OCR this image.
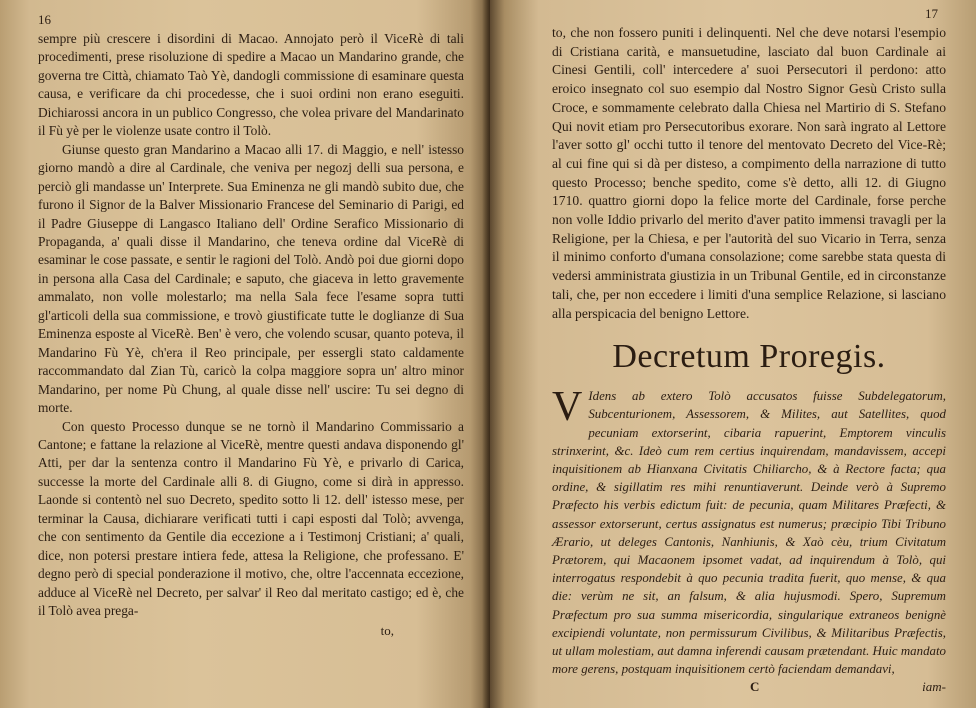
16

sempre più crescere i disordini di Macao. Annojato però il ViceRè di tali procedimenti, prese risoluzione di spedire a Macao un Mandarino grande, che governa tre Città, chiamato Taò Yè, dandogli commissione di esaminare questa causa, e verificare da chi procedesse, che i suoi ordini non erano eseguiti. Dichiarossi ancora in un publico Congresso, che volea privare del Mandarinato il Fù yè per le violenze usate contro il Tolò.

Giunse questo gran Mandarino a Macao alli 17. di Maggio, e nell' istesso giorno mandò a dire al Cardinale, che veniva per negozj delli sua persona, e perciò gli mandasse un' Interprete. Sua Eminenza ne gli mandò subito due, che furono il Signor de la Balver Missionario Francese del Seminario di Parigi, ed il Padre Giuseppe di Langasco Italiano dell' Ordine Serafico Missionario di Propaganda, a' quali disse il Mandarino, che teneva ordine dal ViceRè di esaminar le cose passate, e sentir le ragioni del Tolò. Andò poi due giorni dopo in persona alla Casa del Cardinale; e saputo, che giaceva in letto gravemente ammalato, non volle molestarlo; ma nella Sala fece l'esame sopra tutti gl'articoli della sua commissione, e trovò giustificate tutte le doglianze di Sua Eminenza esposte al ViceRè. Ben' è vero, che volendo scusar, quanto poteva, il Mandarino Fù Yè, ch'era il Reo principale, per essergli stato caldamente raccommandato dal Zian Tù, caricò la colpa maggiore sopra un' altro minor Mandarino, per nome Pù Chung, al quale disse nell' uscire: Tu sei degno di morte.

Con questo Processo dunque se ne tornò il Mandarino Commissario a Cantone; e fattane la relazione al ViceRè, mentre questi andava disponendo gl' Atti, per dar la sentenza contro il Mandarino Fù Yè, e privarlo di Carica, successe la morte del Cardinale alli 8. di Giugno, come si dirà in appresso. Laonde si contentò nel suo Decreto, spedito sotto li 12. dell' istesso mese, per terminar la Causa, dichiarare verificati tutti i capi esposti dal Tolò; avvenga, che con sentimento da Gentile dia eccezione a i Testimonj Cristiani; a' quali, dice, non potersi prestare intiera fede, attesa la Religione, che professano. E' degno però di special ponderazione il motivo, che, oltre l'accennata eccezione, adduce al ViceRè nel Decreto, per salvar' il Reo dal meritato castigo; ed è, che il Tolò avea prega-

to,
17

to, che non fossero puniti i delinquenti. Nel che deve notarsi l'esempio di Cristiana carità, e mansuetudine, lasciato dal buon Cardinale ai Cinesi Gentili, coll' intercedere a' suoi Persecutori il perdono: atto eroico insegnato col suo esempio dal Nostro Signor Gesù Cristo sulla Croce, e sommamente celebrato dalla Chiesa nel Martirio di S. Stefano Qui novit etiam pro Persecutoribus exorare. Non sarà ingrato al Lettore l'aver sotto gl' occhi tutto il tenore del mentovato Decreto del Vice-Rè; al cui fine qui si dà per disteso, a compimento della narrazione di tutto questo Processo; benche spedito, come s'è detto, alli 12. di Giugno 1710. quattro giorni dopo la felice morte del Cardinale, forse perche non volle Iddio privarlo del merito d'aver patito immensi travagli per la Religione, per la Chiesa, e per l'autorità del suo Vicario in Terra, senza il minimo conforto d'umana consolazione; come sarebbe stata questa di vedersi amministrata giustizia in un Tribunal Gentile, ed in circonstanze tali, che, per non eccedere i limiti d'una semplice Relazione, si lasciano alla perspicacia del benigno Lettore.

Decretum Proregis.
V Idens ab extero Tolò accusatos fuisse Subdelegatorum, Subcenturionem, Assessorem, & Milites, aut Satellites, quod pecuniam extorserint, cibaria rapuerint, Emptorem vinculis strinxerint, &c. Ideò cum rem certius inquirendam, mandavissem, accepi inquisitionem ab Hianxana Civitatis Chiliarcho, & à Rectore facta; qua ordine, & sigillatim res mihi renuntiaverunt. Deinde verò à Supremo Præfecto his verbis edictum fuit: de pecunia, quam Militares Præfecti, & assessor extorserunt, certus assignatus est numerus; præcipio Tibi Tribuno Ærario, ut deleges Cantonis, Nanhiunis, & Xaò cèu, trium Civitatum Prætorem, qui Macaonem ipsomet vadat, ad inquirendum à Tolò, qui interrogatus respondebit à quo pecunia tradita fuerit, quo mense, & qua die: verùm ne sit, an falsum, & alia hujusmodi. Spero, Supremum Præfectum pro sua summa misericordia, singularique extraneos benignè excipiendi voluntate, non permissurum Civilibus, & Militaribus Præfectis, ut ullam molestiam, aut damna inferendi causam prætendant. Huic mandato more gerens, postquam inquisitionem certò faciendam demandavi,
C	iam-
